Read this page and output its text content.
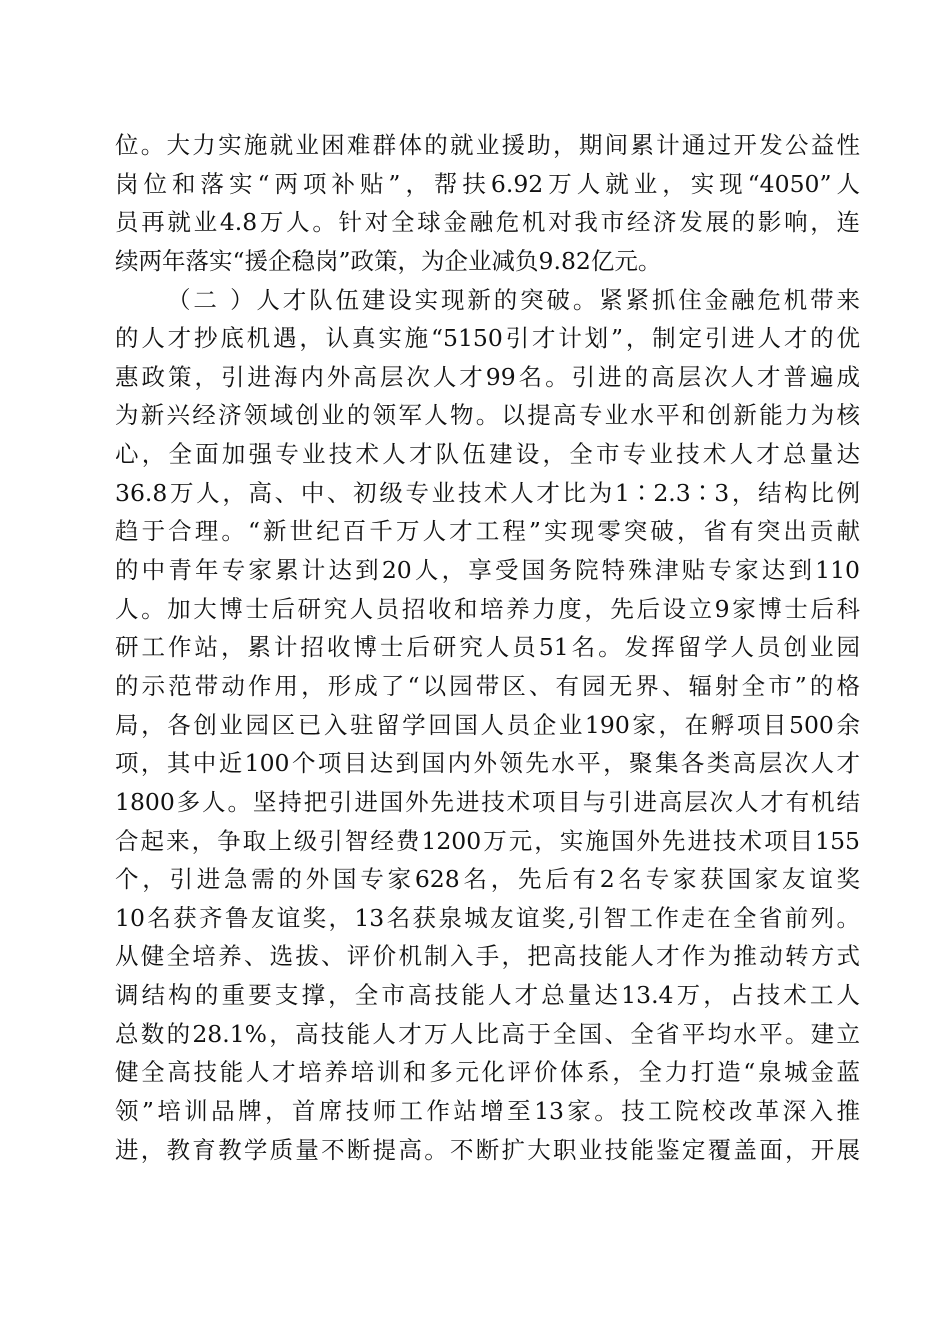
位。大力实施就业困难群体的就业援助，期间累计通过开发公益性
岗位和落实“两项补贴”，帮扶6.92万人就业，实现“4050”人
员再就业4.8万人。针对全球金融危机对我市经济发展的影响，连
续两年落实“援企稳岗”政策，为企业减负9.82亿元。
（二 ）人才队伍建设实现新的突破。紧紧抓住金融危机带来
的人才抄底机遇，认真实施“5150引才计划”，制定引进人才的优
惠政策，引进海内外高层次人才99名。引进的高层次人才普遍成
为新兴经济领域创业的领军人物。以提高专业水平和创新能力为核
心，全面加强专业技术人才队伍建设，全市专业技术人才总量达
36.8万人，高、中、初级专业技术人才比为1∶2.3∶3，结构比例
趋于合理。“新世纪百千万人才工程”实现零突破，省有突出贡献
的中青年专家累计达到20人，享受国务院特殊津贴专家达到110
人。加大博士后研究人员招收和培养力度，先后设立9家博士后科
研工作站，累计招收博士后研究人员51名。发挥留学人员创业园
的示范带动作用，形成了“以园带区、有园无界、辐射全市”的格
局，各创业园区已入驻留学回国人员企业190家，在孵项目500余
项，其中近100个项目达到国内外领先水平，聚集各类高层次人才
1800多人。坚持把引进国外先进技术项目与引进高层次人才有机结
合起来，争取上级引智经费1200万元，实施国外先进技术项目155
个，引进急需的外国专家628名，先后有2名专家获国家友谊奖
10名获齐鲁友谊奖，13名获泉城友谊奖,引智工作走在全省前列。
从健全培养、选拔、评价机制入手，把高技能人才作为推动转方式
调结构的重要支撑，全市高技能人才总量达13.4万，占技术工人
总数的28.1%，高技能人才万人比高于全国、全省平均水平。建立
健全高技能人才培养培训和多元化评价体系，全力打造“泉城金蓝
领”培训品牌，首席技师工作站增至13家。技工院校改革深入推
进，教育教学质量不断提高。不断扩大职业技能鉴定覆盖面，开展
